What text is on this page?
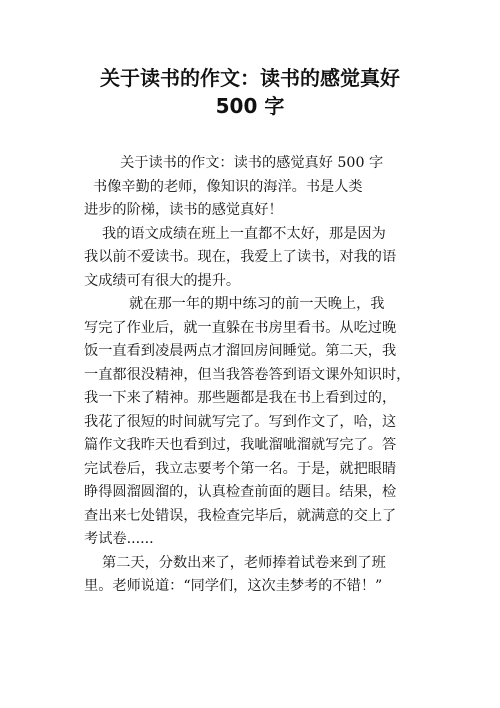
关于读书的作文：读书的感觉真好
500 字
关于读书的作文：读书的感觉真好 500 字
书像辛勤的老师，像知识的海洋。书是人类
进步的阶梯，读书的感觉真好！
我的语文成绩在班上一直都不太好，那是因为
我以前不爱读书。现在，我爱上了读书，对我的语
文成绩可有很大的提升。
就在那一年的期中练习的前一天晚上，我
写完了作业后，就一直躲在书房里看书。从吃过晚
饭一直看到凌晨两点才溜回房间睡觉。第二天，我
一直都很没精神，但当我答卷答到语文课外知识时，
我一下来了精神。那些题都是我在书上看到过的，
我花了很短的时间就写完了。写到作文了，哈，这
篇作文我昨天也看到过，我呲溜呲溜就写完了。答
完试卷后，我立志要考个第一名。于是，就把眼睛
睁得圆溜圆溜的，认真检查前面的题目。结果，检
查出来七处错误，我检查完毕后，就满意的交上了
考试卷......
第二天，分数出来了，老师捧着试卷来到了班
里。老师说道：“同学们，这次圭梦考的不错！”
